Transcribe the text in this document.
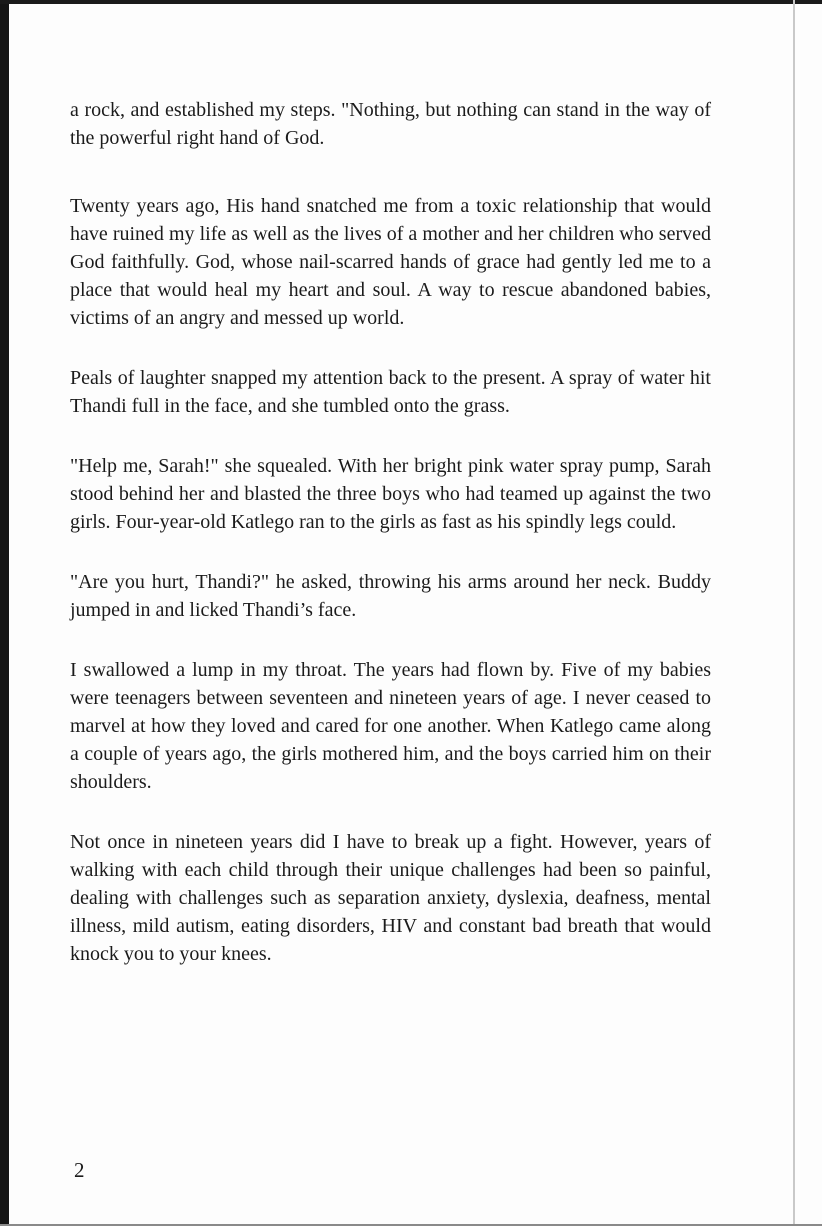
a rock, and established my steps. "Nothing, but nothing can stand in the way of the powerful right hand of God.

Twenty years ago, His hand snatched me from a toxic relationship that would have ruined my life as well as the lives of a mother and her children who served God faithfully. God, whose nail-scarred hands of grace had gently led me to a place that would heal my heart and soul. A way to rescue abandoned babies, victims of an angry and messed up world.

Peals of laughter snapped my attention back to the present. A spray of water hit Thandi full in the face, and she tumbled onto the grass.

"Help me, Sarah!" she squealed. With her bright pink water spray pump, Sarah stood behind her and blasted the three boys who had teamed up against the two girls. Four-year-old Katlego ran to the girls as fast as his spindly legs could.

"Are you hurt, Thandi?" he asked, throwing his arms around her neck. Buddy jumped in and licked Thandi’s face.

I swallowed a lump in my throat. The years had flown by. Five of my babies were teenagers between seventeen and nineteen years of age. I never ceased to marvel at how they loved and cared for one another. When Katlego came along a couple of years ago, the girls mothered him, and the boys carried him on their shoulders.

Not once in nineteen years did I have to break up a fight. However, years of walking with each child through their unique challenges had been so painful, dealing with challenges such as separation anxiety, dyslexia, deafness, mental illness, mild autism, eating disorders, HIV and constant bad breath that would knock you to your knees.

2
